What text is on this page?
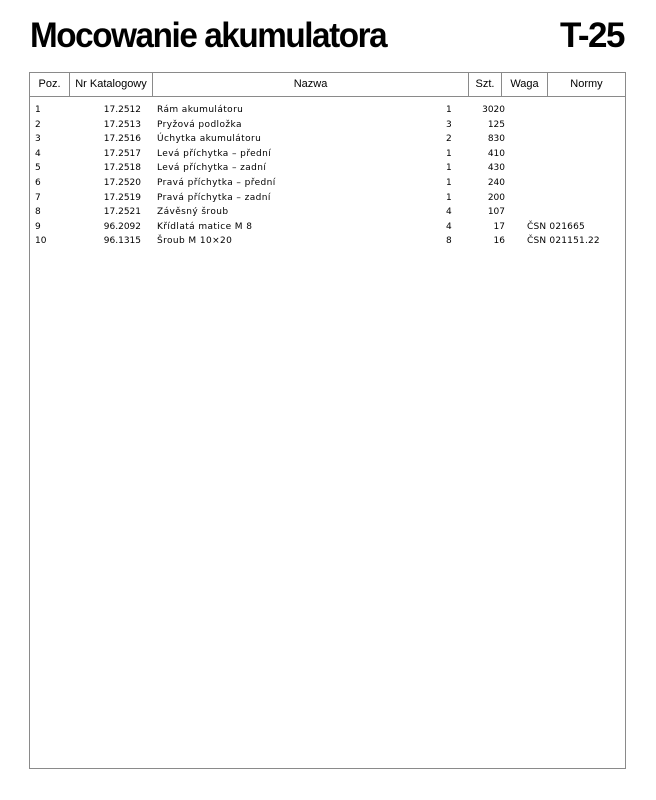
Mocowanie akumulatora	T-25
Poz.	Nr Katalogowy	Nazwa	Szt.	Waga	Normy
1	17.2512 Rám akumulátoru	1	3020
2	17.2513 Pryžová podložka	3	125
3	17.2516 Úchytka akumulátoru	2	830
4	17.2517 Levá příchytka – přední	1	410
5	17.2518 Levá příchytka – zadní	1	430
6	17.2520 Pravá příchytka – přední	1	240
7	17.2519 Pravá příchytka – zadní	1	200
8	17.2521 Závěsný šroub	4	107
9	96.2092 Křídlatá matice M 8	4	17 ČSN 021665
10	96.1315 Šroub M 10×20	8	16 ČSN 021151.22
